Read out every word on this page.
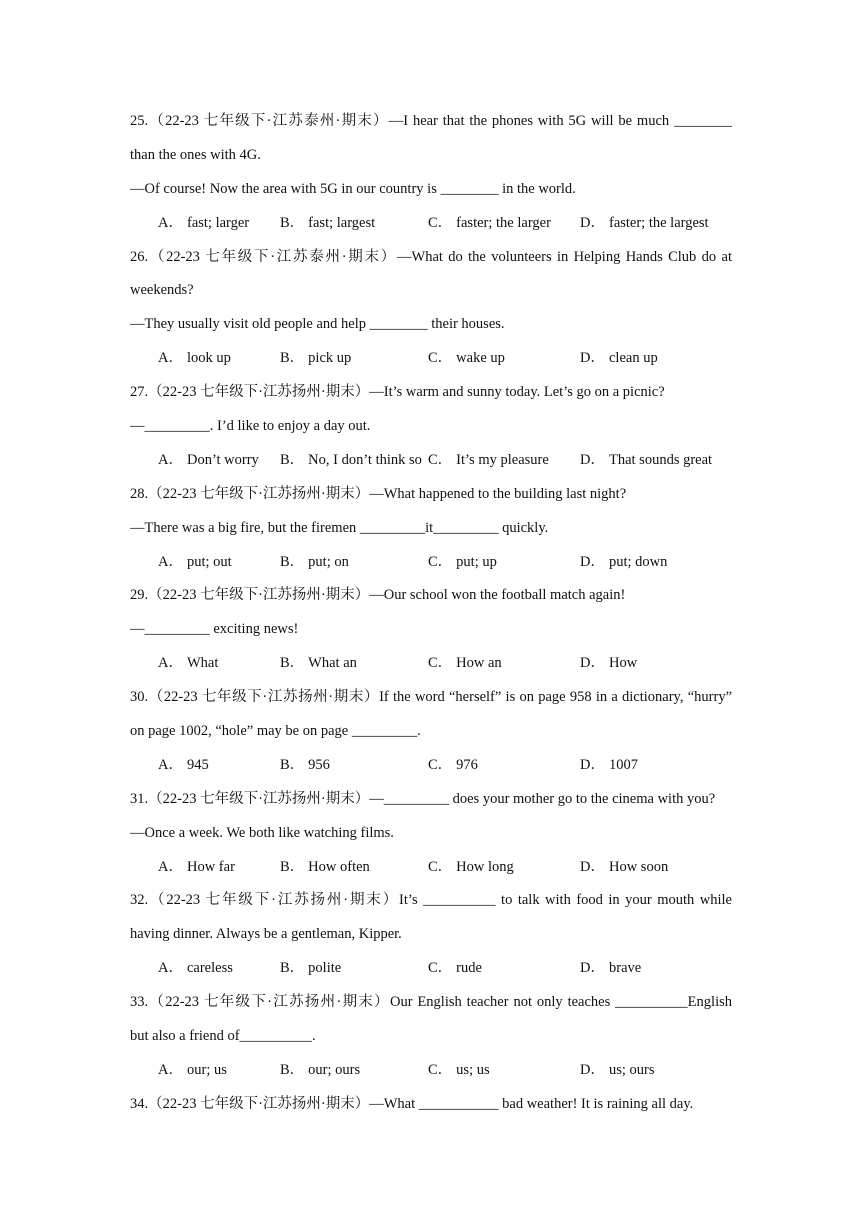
25.（22-23 七年级下·江苏泰州·期末）—I hear that the phones with 5G will be much ________
than the ones with 4G.
—Of course! Now the area with 5G in our country is ________ in the world.
A． fast; larger B． fast; largest	C． faster; the larger D． faster; the largest
26.（22-23 七年级下·江苏泰州·期末）—What do the volunteers in Helping Hands Club do at
weekends?
—They usually visit old people and help ________ their houses.
A． look up	B． pick up	C． wake up	D． clean up
27.（22-23 七年级下·江苏扬州·期末）—It’s warm and sunny today. Let’s go on a picnic?
—_________. I’d like to enjoy a day out.
A． Don’t worry B． No, I don’t think so C． It’s my pleasure D． That sounds great
28.（22-23 七年级下·江苏扬州·期末）—What happened to the building last night?
—There was a big fire, but the firemen _________it_________ quickly.
A． put; out	B． put; on	C． put; up	D． put; down
29.（22-23 七年级下·江苏扬州·期末）—Our school won the football match again!
—_________ exciting news!
A． What	B． What an	C． How an	D． How
30.（22-23 七年级下·江苏扬州·期末）If the word “herself” is on page 958 in a dictionary, “hurry”
on page 1002, “hole” may be on page _________.
A． 945	B． 956	C． 976	D． 1007
31.（22-23 七年级下·江苏扬州·期末）—_________ does your mother go to the cinema with you?
—Once a week. We both like watching films.
A． How far	B． How often	C． How long	D． How soon
32.（22-23 七年级下·江苏扬州·期末）It’s __________ to talk with food in your mouth while
having dinner. Always be a gentleman, Kipper.
A． careless	B． polite	C． rude	D． brave
33.（22-23 七年级下·江苏扬州·期末）Our English teacher not only teaches __________English
but also a friend of__________.
A． our; us	B． our; ours	C． us; us	D． us; ours
34.（22-23 七年级下·江苏扬州·期末）—What ___________ bad weather! It is raining all day.
